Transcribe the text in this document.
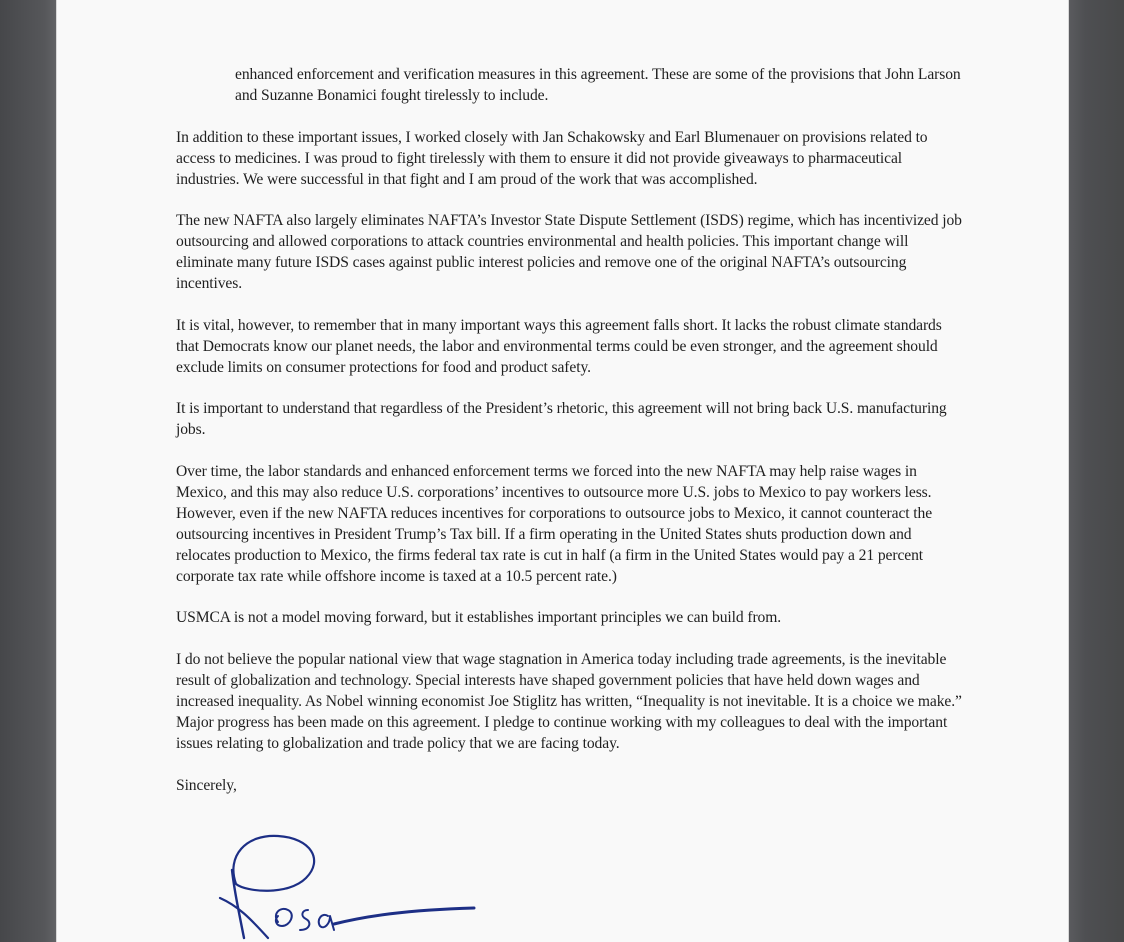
enhanced enforcement and verification measures in this agreement. These are some of the provisions that John Larson and Suzanne Bonamici fought tirelessly to include.

In addition to these important issues, I worked closely with Jan Schakowsky and Earl Blumenauer on provisions related to access to medicines. I was proud to fight tirelessly with them to ensure it did not provide giveaways to pharmaceutical industries. We were successful in that fight and I am proud of the work that was accomplished.

The new NAFTA also largely eliminates NAFTA’s Investor State Dispute Settlement (ISDS) regime, which has incentivized job outsourcing and allowed corporations to attack countries environmental and health policies. This important change will eliminate many future ISDS cases against public interest policies and remove one of the original NAFTA’s outsourcing incentives.

It is vital, however, to remember that in many important ways this agreement falls short. It lacks the robust climate standards that Democrats know our planet needs, the labor and environmental terms could be even stronger, and the agreement should exclude limits on consumer protections for food and product safety.

It is important to understand that regardless of the President’s rhetoric, this agreement will not bring back U.S. manufacturing jobs.

Over time, the labor standards and enhanced enforcement terms we forced into the new NAFTA may help raise wages in Mexico, and this may also reduce U.S. corporations’ incentives to outsource more U.S. jobs to Mexico to pay workers less. However, even if the new NAFTA reduces incentives for corporations to outsource jobs to Mexico, it cannot counteract the outsourcing incentives in President Trump’s Tax bill. If a firm operating in the United States shuts production down and relocates production to Mexico, the firms federal tax rate is cut in half (a firm in the United States would pay a 21 percent corporate tax rate while offshore income is taxed at a 10.5 percent rate.)

USMCA is not a model moving forward, but it establishes important principles we can build from.

I do not believe the popular national view that wage stagnation in America today including trade agreements, is the inevitable result of globalization and technology. Special interests have shaped government policies that have held down wages and increased inequality. As Nobel winning economist Joe Stiglitz has written, “Inequality is not inevitable. It is a choice we make.” Major progress has been made on this agreement. I pledge to continue working with my colleagues to deal with the important issues relating to globalization and trade policy that we are facing today.

Sincerely,
